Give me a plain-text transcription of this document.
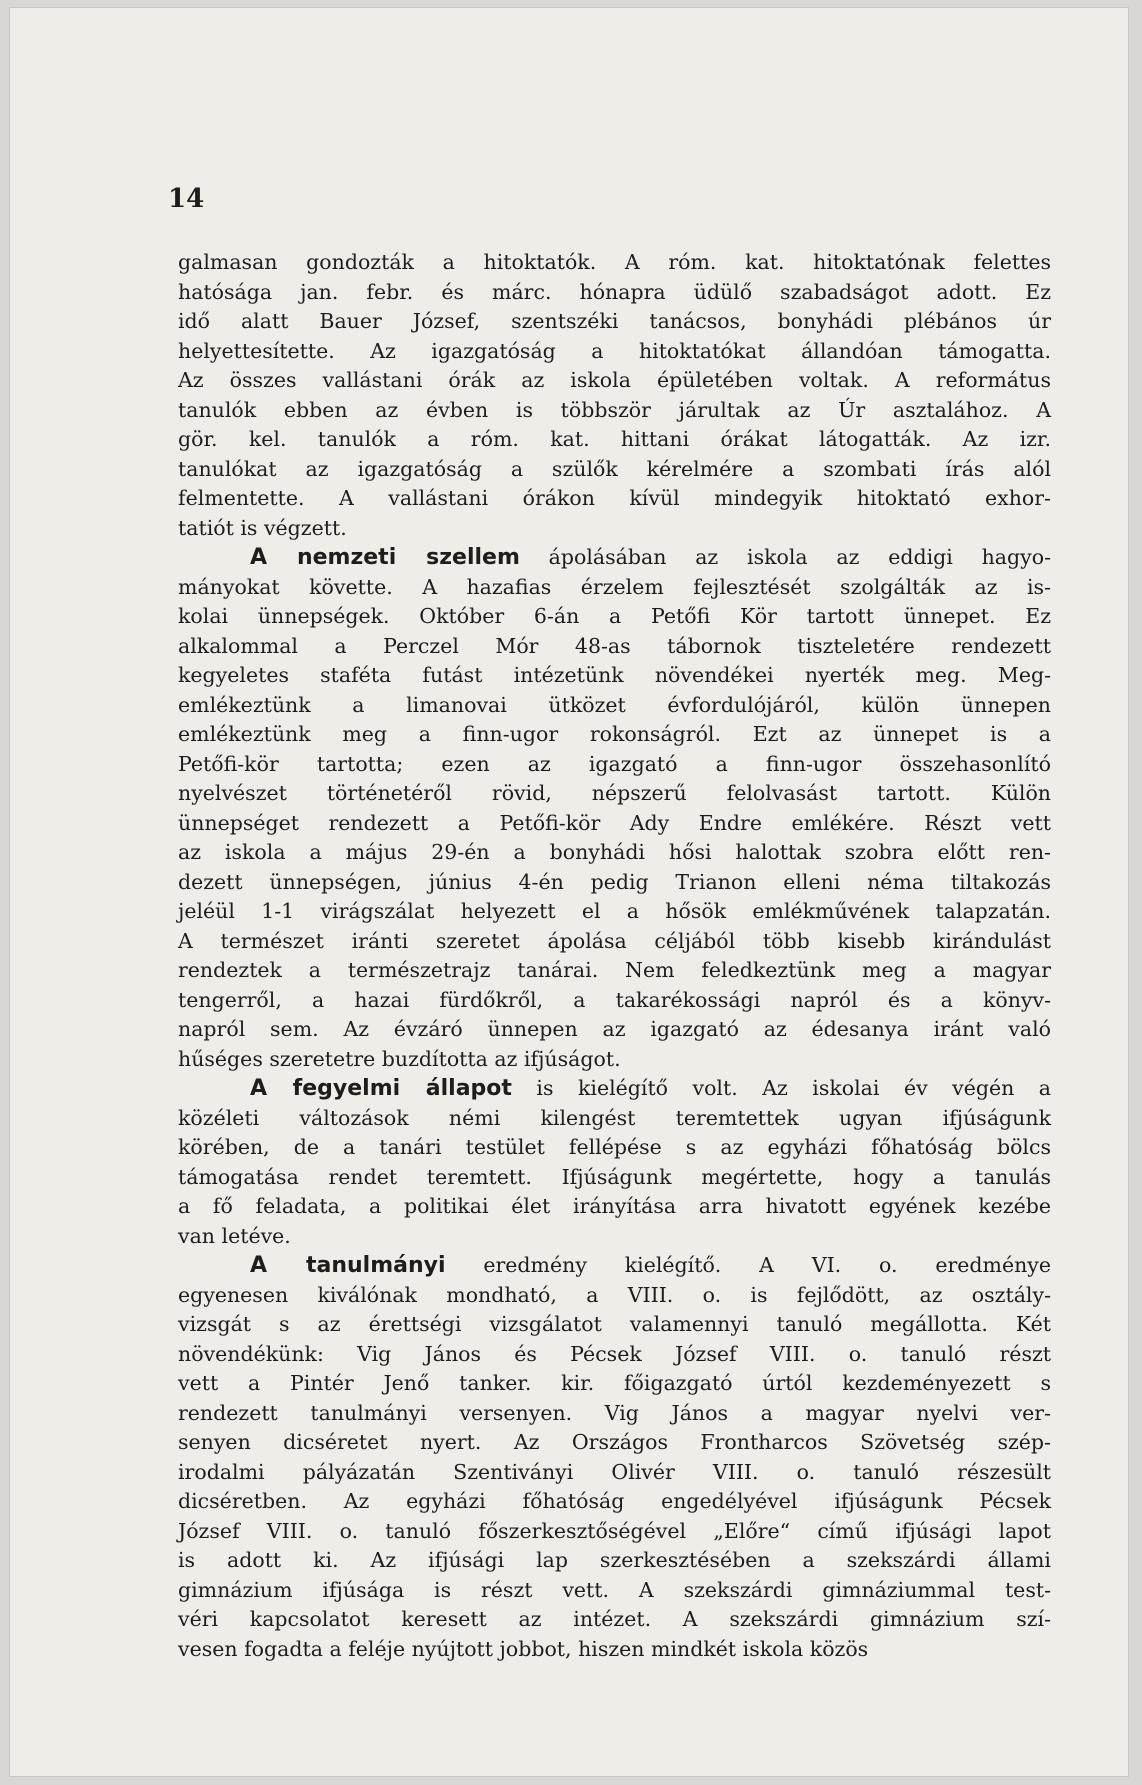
14
galmasan gondozták a hitoktatók. A róm. kat. hitoktatónak felettes
hatósága jan. febr. és márc. hónapra üdülő szabadságot adott. Ez
idő alatt Bauer József, szentszéki tanácsos, bonyhádi plébános úr
helyettesítette. Az igazgatóság a hitoktatókat állandóan támogatta.
Az összes vallástani órák az iskola épületében voltak. A református
tanulók ebben az évben is többször járultak az Úr asztalához. A
gör. kel. tanulók a róm. kat. hittani órákat látogatták. Az izr.
tanulókat az igazgatóság a szülők kérelmére a szombati írás alól
felmentette. A vallástani órákon kívül mindegyik hitoktató exhor-
tatiót is végzett.
A nemzeti szellem ápolásában az iskola az eddigi hagyo-
mányokat követte. A hazafias érzelem fejlesztését szolgálták az is-
kolai ünnepségek. Október 6-án a Petőfi Kör tartott ünnepet. Ez
alkalommal a Perczel Mór 48-as tábornok tiszteletére rendezett
kegyeletes staféta futást intézetünk növendékei nyerték meg. Meg-
emlékeztünk a limanovai ütközet évfordulójáról, külön ünnepen
emlékeztünk meg a finn-ugor rokonságról. Ezt az ünnepet is a
Petőfi-kör tartotta; ezen az igazgató a finn-ugor összehasonlító
nyelvészet történetéről rövid, népszerű felolvasást tartott. Külön
ünnepséget rendezett a Petőfi-kör Ady Endre emlékére. Részt vett
az iskola a május 29-én a bonyhádi hősi halottak szobra előtt ren-
dezett ünnepségen, június 4-én pedig Trianon elleni néma tiltakozás
jeléül 1-1 virágszálat helyezett el a hősök emlékművének talapzatán.
A természet iránti szeretet ápolása céljából több kisebb kirándulást
rendeztek a természetrajz tanárai. Nem feledkeztünk meg a magyar
tengerről, a hazai fürdőkről, a takarékossági napról és a könyv-
napról sem. Az évzáró ünnepen az igazgató az édesanya iránt való
hűséges szeretetre buzdította az ifjúságot.
A fegyelmi állapot is kielégítő volt. Az iskolai év végén a
közéleti változások némi kilengést teremtettek ugyan ifjúságunk
körében, de a tanári testület fellépése s az egyházi főhatóság bölcs
támogatása rendet teremtett. Ifjúságunk megértette, hogy a tanulás
a fő feladata, a politikai élet irányítása arra hivatott egyének kezébe
van letéve.
A tanulmányi eredmény kielégítő. A VI. o. eredménye
egyenesen kiválónak mondható, a VIII. o. is fejlődött, az osztály-
vizsgát s az érettségi vizsgálatot valamennyi tanuló megállotta. Két
növendékünk: Vig János és Pécsek József VIII. o. tanuló részt
vett a Pintér Jenő tanker. kir. főigazgató úrtól kezdeményezett s
rendezett tanulmányi versenyen. Vig János a magyar nyelvi ver-
senyen dicséretet nyert. Az Országos Frontharcos Szövetség szép-
irodalmi pályázatán Szentiványi Olivér VIII. o. tanuló részesült
dicséretben. Az egyházi főhatóság engedélyével ifjúságunk Pécsek
József VIII. o. tanuló főszerkesztőségével „Előre“ című ifjúsági lapot
is adott ki. Az ifjúsági lap szerkesztésében a szekszárdi állami
gimnázium ifjúsága is részt vett. A szekszárdi gimnáziummal test-
véri kapcsolatot keresett az intézet. A szekszárdi gimnázium szí-
vesen fogadta a feléje nyújtott jobbot, hiszen mindkét iskola közös
